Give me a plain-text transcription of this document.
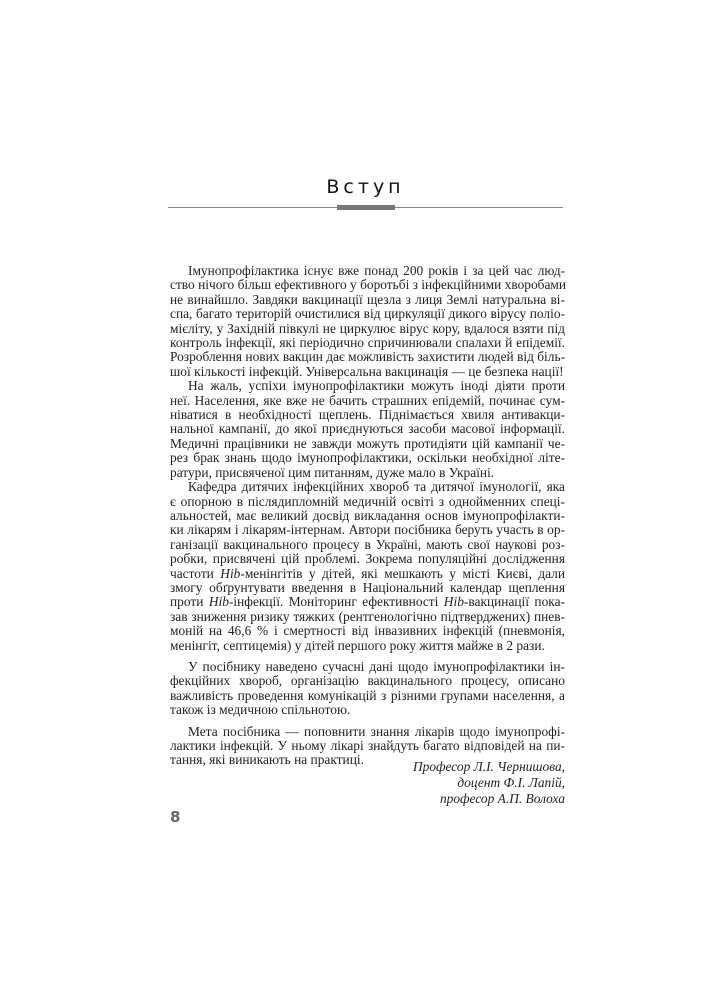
Вступ
Імунопрофілактика існує вже понад 200 років і за цей час люд-
ство нічого більш ефективного у боротьбі з інфекційними хворобами
не винайшло. Завдяки вакцинації щезла з лиця Землі натуральна ві-
спа, багато територій очистилися від циркуляції дикого вірусу поліо-
мієліту, у Західній півкулі не циркулює вірус кору, вдалося взяти під
контроль інфекції, які періодично спричинювали спалахи й епідемії.
Розроблення нових вакцин дає можливість захистити людей від біль-
шої кількості інфекцій. Універсальна вакцинація — це безпека нації!
На жаль, успіхи імунопрофілактики можуть іноді діяти проти
неї. Населення, яке вже не бачить страшних епідемій, починає сум-
ніватися в необхідності щеплень. Піднімається хвиля антивакци-
нальної кампанії, до якої приєднуються засоби масової інформації.
Медичні працівники не завжди можуть протидіяти цій кампанії че-
рез брак знань щодо імунопрофілактики, оскільки необхідної літе-
ратури, присвяченої цим питанням, дуже мало в Україні.
Кафедра дитячих інфекційних хвороб та дитячої імунології, яка
є опорною в післядипломній медичній освіті з однойменних спеці-
альностей, має великий досвід викладання основ імунопрофілакти-
ки лікарям і лікарям-інтернам. Автори посібника беруть участь в ор-
ганізації вакцинального процесу в Україні, мають свої наукові роз-
робки, присвячені цій проблемі. Зокрема популяційні дослідження
частоти Hib-менінгітів у дітей, які мешкають у місті Києві, дали
змогу обґрунтувати введення в Національний календар щеплення
проти Hib-інфекції. Моніторинг ефективності Hib-вакцинації пока-
зав зниження ризику тяжких (рентгенологічно підтверджених) пнев-
моній на 46,6 % і смертності від інвазивних інфекцій (пневмонія,
менінгіт, септицемія) у дітей першого року життя майже в 2 рази.
У посібнику наведено сучасні дані щодо імунопрофілактики ін-
фекційних хвороб, організацію вакцинального процесу, описано
важливість проведення комунікацій з різними групами населення, а
також із медичною спільнотою.
Мета посібника — поповнити знання лікарів щодо імунопрофі-
лактики інфекцій. У ньому лікарі знайдуть багато відповідей на пи-
тання, які виникають на практиці.	Професор Л.І. Чернишова,
доцент Ф.І. Лапій,
професор А.П. Волоха
8
